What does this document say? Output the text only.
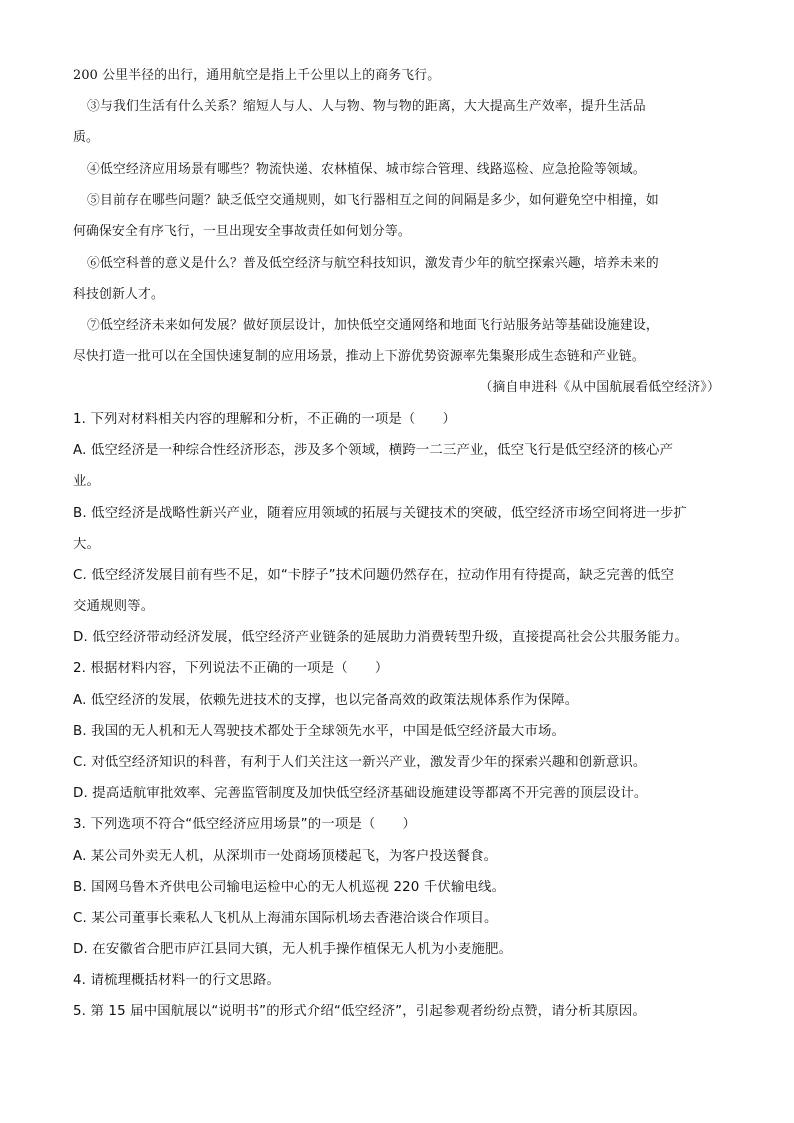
200 公里半径的出行，通用航空是指上千公里以上的商务飞行。
③与我们生活有什么关系？缩短人与人、人与物、物与物的距离，大大提高生产效率，提升生活品
质。
④低空经济应用场景有哪些？物流快递、农林植保、城市综合管理、线路巡检、应急抢险等领域。
⑤目前存在哪些问题？缺乏低空交通规则，如飞行器相互之间的间隔是多少，如何避免空中相撞，如
何确保安全有序飞行，一旦出现安全事故责任如何划分等。
⑥低空科普的意义是什么？普及低空经济与航空科技知识，激发青少年的航空探索兴趣，培养未来的
科技创新人才。
⑦低空经济未来如何发展？做好顶层设计，加快低空交通网络和地面飞行站服务站等基础设施建设，
尽快打造一批可以在全国快速复制的应用场景，推动上下游优势资源率先集聚形成生态链和产业链。
（摘自申进科《从中国航展看低空经济》）
1. 下列对材料相关内容的理解和分析，不正确的一项是（　　）
A. 低空经济是一种综合性经济形态，涉及多个领域，横跨一二三产业，低空飞行是低空经济的核心产
业。
B. 低空经济是战略性新兴产业，随着应用领域的拓展与关键技术的突破，低空经济市场空间将进一步扩
大。
C. 低空经济发展目前有些不足，如“卡脖子”技术问题仍然存在，拉动作用有待提高，缺乏完善的低空
交通规则等。
D. 低空经济带动经济发展，低空经济产业链条的延展助力消费转型升级，直接提高社会公共服务能力。
2. 根据材料内容，下列说法不正确的一项是（　　）
A. 低空经济的发展，依赖先进技术的支撑，也以完备高效的政策法规体系作为保障。
B. 我国的无人机和无人驾驶技术都处于全球领先水平，中国是低空经济最大市场。
C. 对低空经济知识的科普，有利于人们关注这一新兴产业，激发青少年的探索兴趣和创新意识。
D. 提高适航审批效率、完善监管制度及加快低空经济基础设施建设等都离不开完善的顶层设计。
3. 下列选项不符合“低空经济应用场景”的一项是（　　）
A. 某公司外卖无人机，从深圳市一处商场顶楼起飞，为客户投送餐食。
B. 国网乌鲁木齐供电公司输电运检中心的无人机巡视 220 千伏输电线。
C. 某公司董事长乘私人飞机从上海浦东国际机场去香港洽谈合作项目。
D. 在安徽省合肥市庐江县同大镇，无人机手操作植保无人机为小麦施肥。
4. 请梳理概括材料一的行文思路。
5. 第 15 届中国航展以“说明书”的形式介绍“低空经济”，引起参观者纷纷点赞，请分析其原因。
